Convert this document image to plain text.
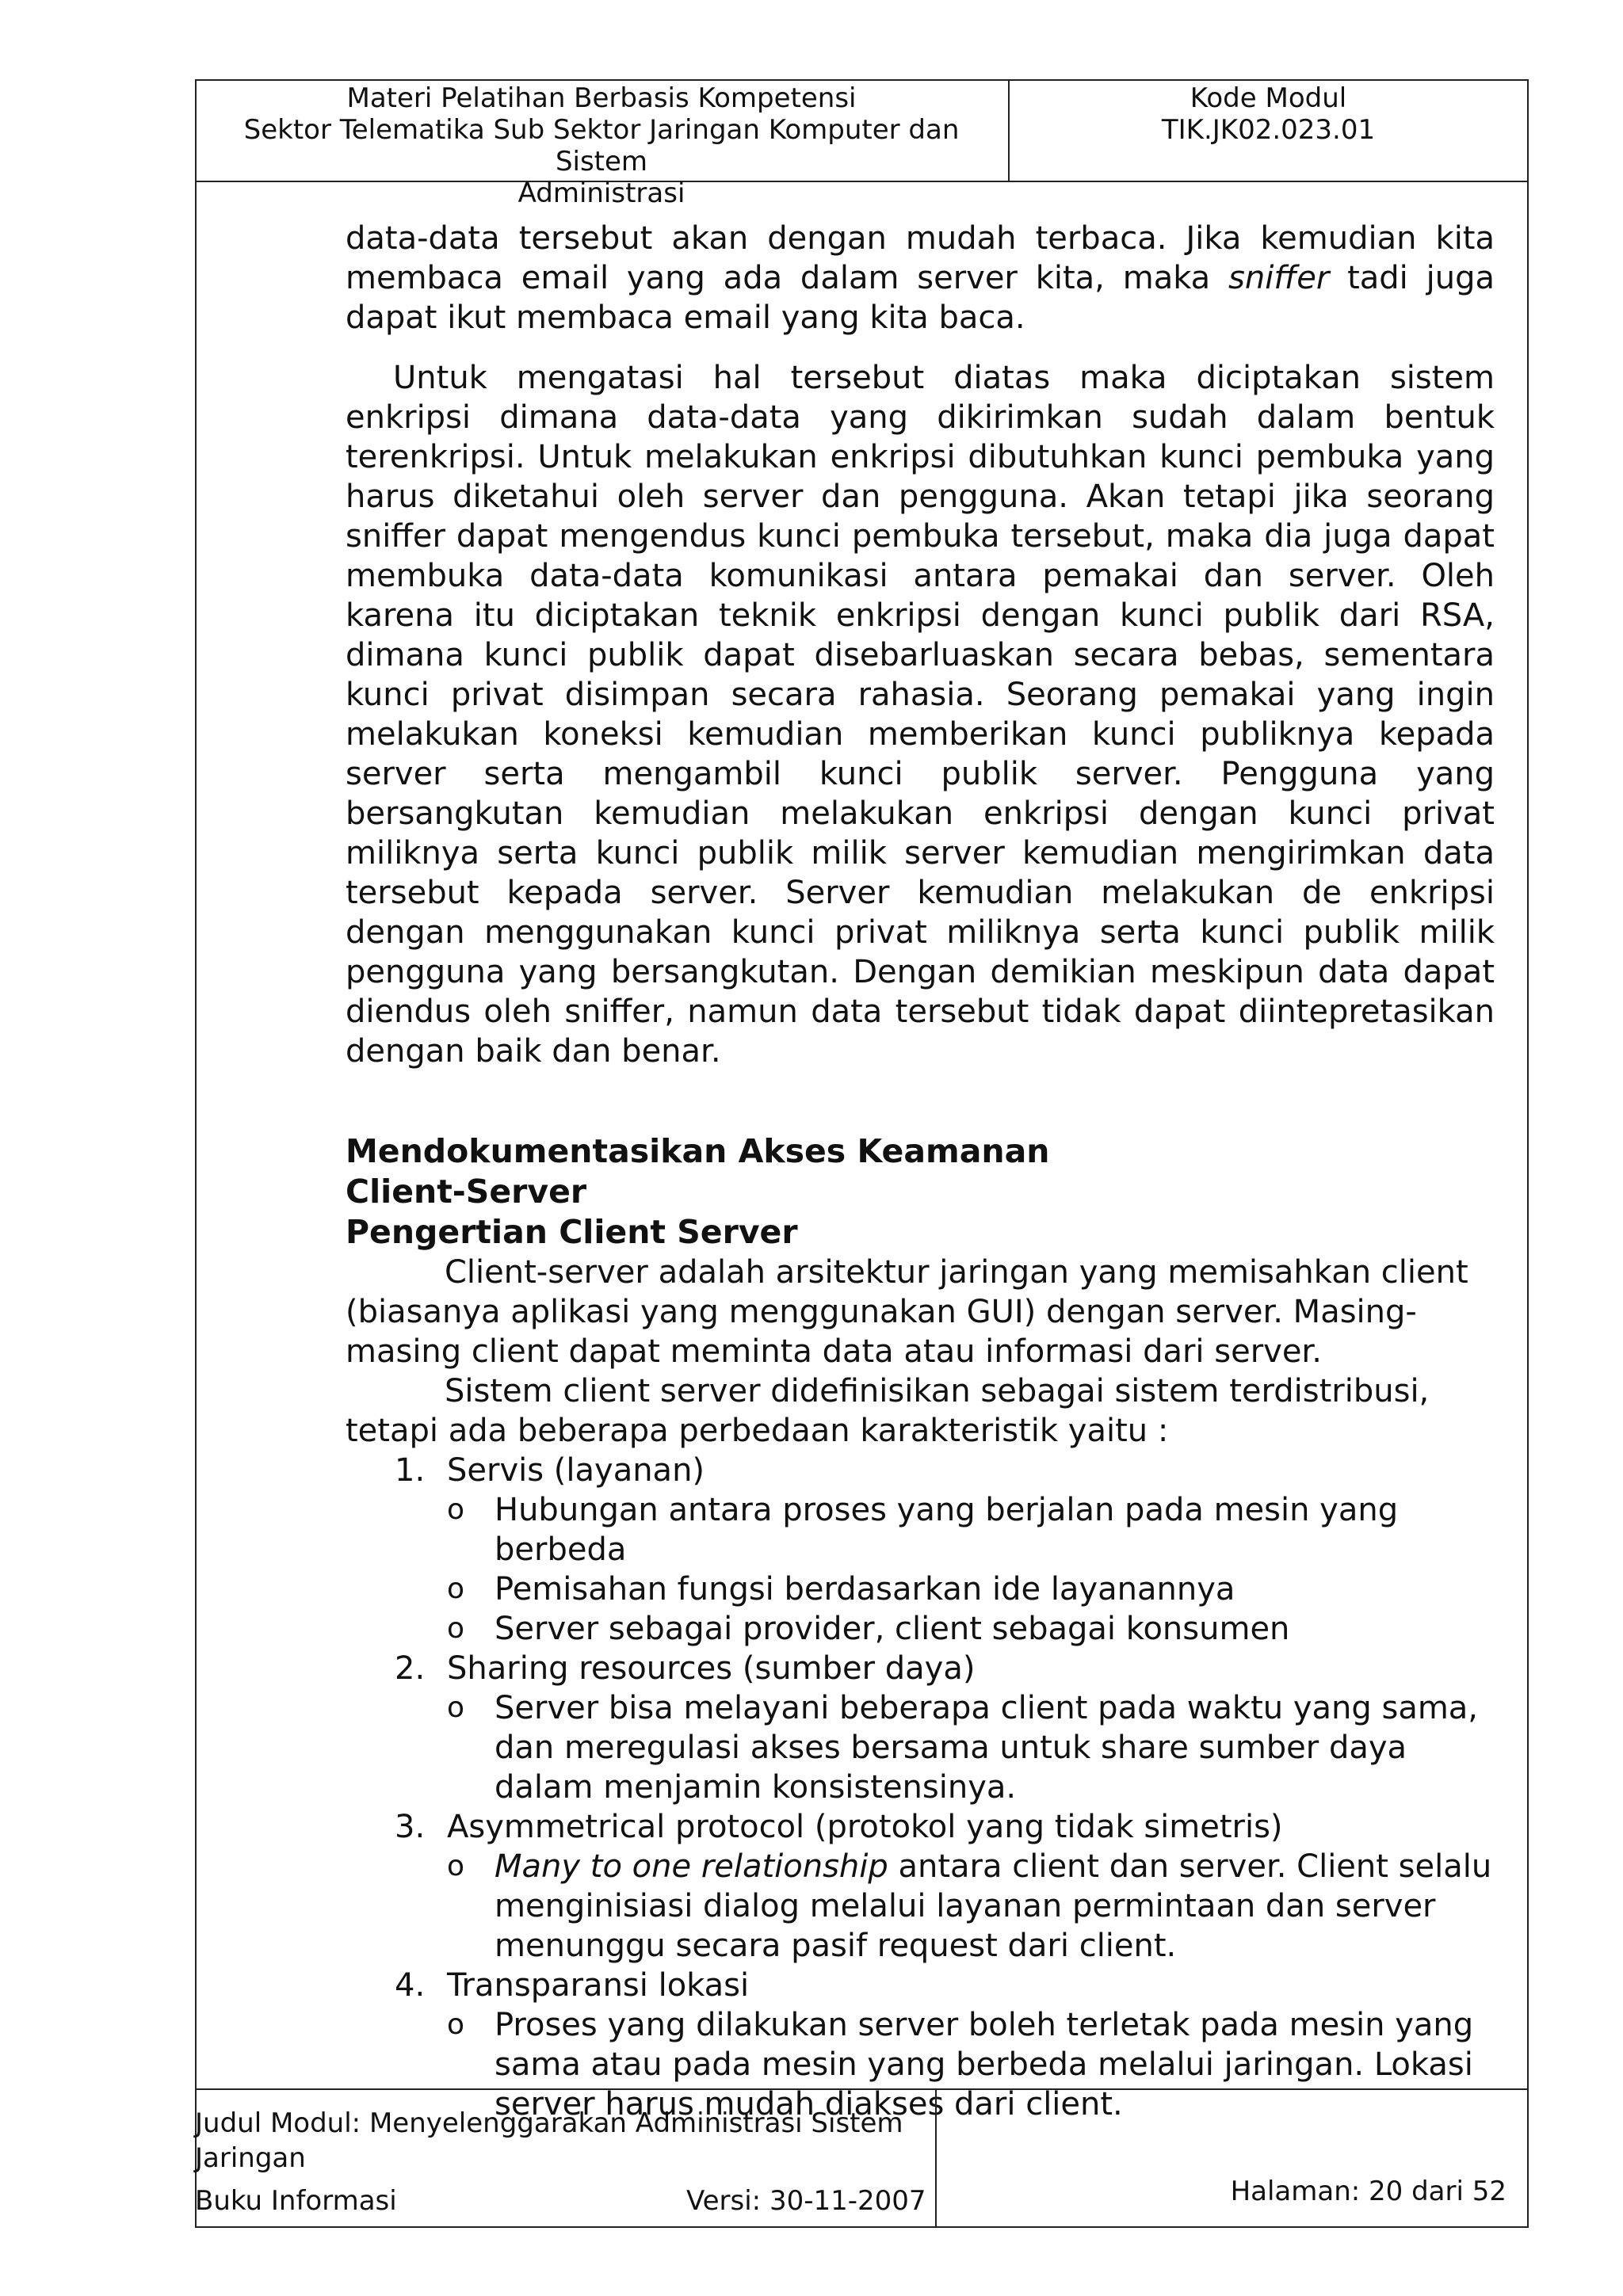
Materi Pelatihan Berbasis Kompetensi
Sektor Telematika Sub Sektor Jaringan Komputer dan Sistem
Administrasi
Kode Modul
TIK.JK02.023.01

data-data tersebut akan dengan mudah terbaca. Jika kemudian kita membaca email yang ada dalam server kita, maka sniffer tadi juga dapat ikut membaca email yang kita baca.

Untuk mengatasi hal tersebut diatas maka diciptakan sistem enkripsi dimana data-data yang dikirimkan sudah dalam bentuk terenkripsi. Untuk melakukan enkripsi dibutuhkan kunci pembuka yang harus diketahui oleh server dan pengguna. Akan tetapi jika seorang sniffer dapat mengendus kunci pembuka tersebut, maka dia juga dapat membuka data-data komunikasi antara pemakai dan server. Oleh karena itu diciptakan teknik enkripsi dengan kunci publik dari RSA, dimana kunci publik dapat disebarluaskan secara bebas, sementara kunci privat disimpan secara rahasia. Seorang pemakai yang ingin melakukan koneksi kemudian memberikan kunci publiknya kepada server serta mengambil kunci publik server. Pengguna yang bersangkutan kemudian melakukan enkripsi dengan kunci privat miliknya serta kunci publik milik server kemudian mengirimkan data tersebut kepada server. Server kemudian melakukan de enkripsi dengan menggunakan kunci privat miliknya serta kunci publik milik pengguna yang bersangkutan. Dengan demikian meskipun data dapat diendus oleh sniffer, namun data tersebut tidak dapat diintepretasikan dengan baik dan benar.

Mendokumentasikan Akses Keamanan
Client-Server
Pengertian Client Server

Client-server adalah arsitektur jaringan yang memisahkan client (biasanya aplikasi yang menggunakan GUI) dengan server. Masing-masing client dapat meminta data atau informasi dari server.

Sistem client server didefinisikan sebagai sistem terdistribusi, tetapi ada beberapa perbedaan karakteristik yaitu :

1. Servis (layanan)
o Hubungan antara proses yang berjalan pada mesin yang berbeda
o Pemisahan fungsi berdasarkan ide layanannya
o Server sebagai provider, client sebagai konsumen
2. Sharing resources (sumber daya)
o Server bisa melayani beberapa client pada waktu yang sama, dan meregulasi akses bersama untuk share sumber daya dalam menjamin konsistensinya.
3. Asymmetrical protocol (protokol yang tidak simetris)
o Many to one relationship antara client dan server. Client selalu menginisiasi dialog melalui layanan permintaan dan server menunggu secara pasif request dari client.
4. Transparansi lokasi
o Proses yang dilakukan server boleh terletak pada mesin yang sama atau pada mesin yang berbeda melalui jaringan. Lokasi server harus mudah diakses dari client.
Judul Modul: Menyelenggarakan Administrasi Sistem Jaringan
Buku Informasi	Versi: 30-11-2007	Halaman: 20 dari 52
